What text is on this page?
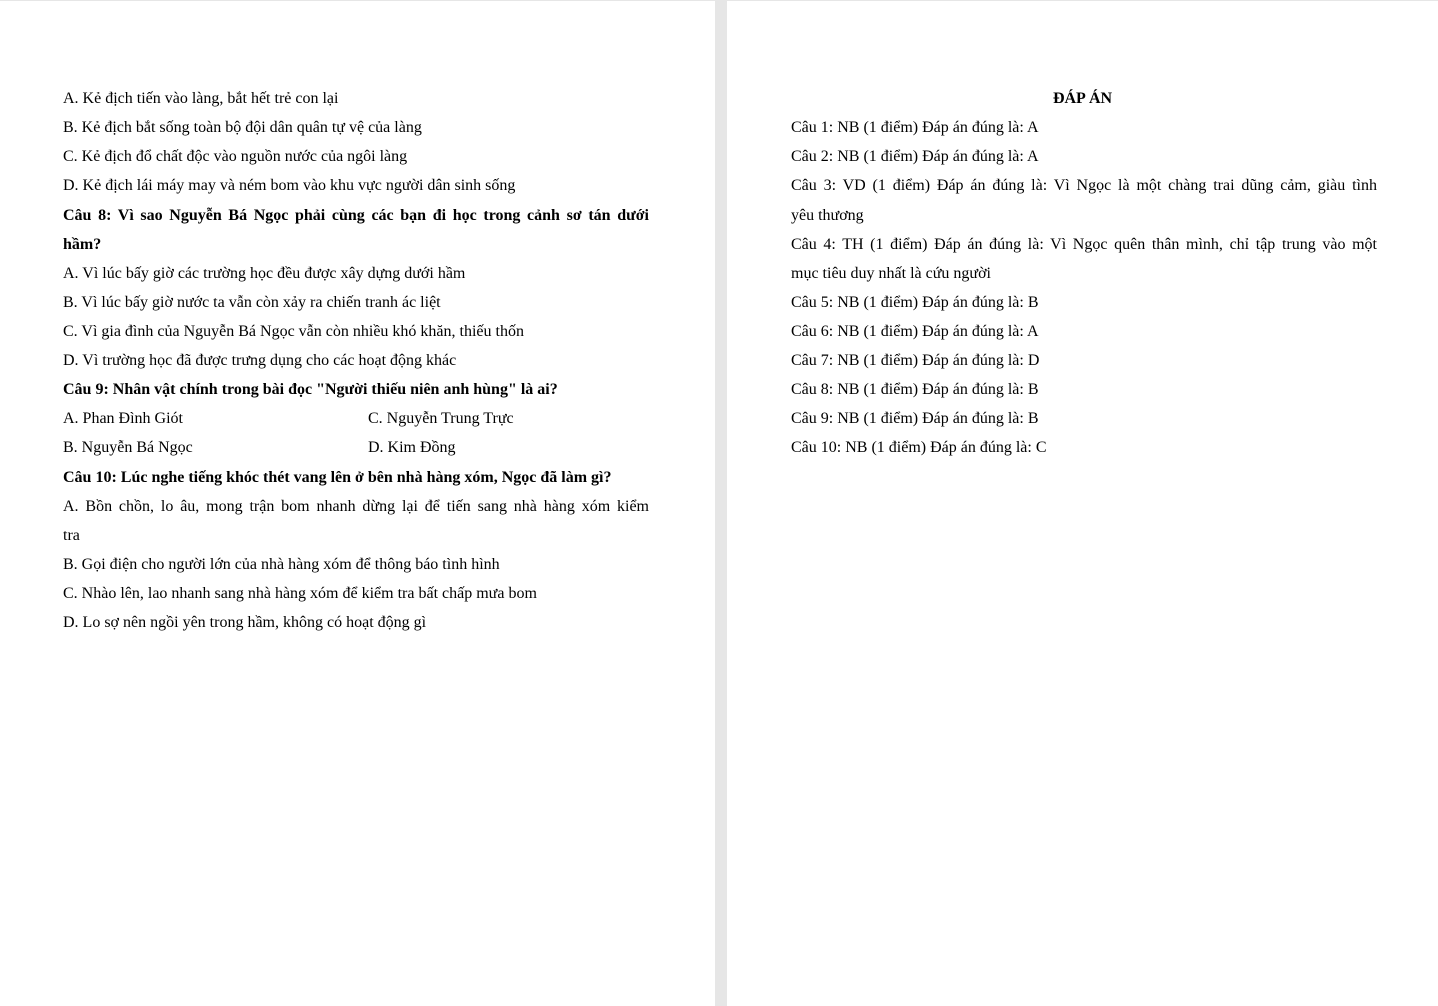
A. Kẻ địch tiến vào làng, bắt hết trẻ con lại
B. Kẻ địch bắt sống toàn bộ đội dân quân tự vệ của làng
C. Kẻ địch đổ chất độc vào nguồn nước của ngôi làng
D. Kẻ địch lái máy may và ném bom vào khu vực người dân sinh sống
Câu 8: Vì sao Nguyễn Bá Ngọc phải cùng các bạn đi học trong cảnh sơ tán dưới
hầm?
A. Vì lúc bấy giờ các trường học đều được xây dựng dưới hầm
B. Vì lúc bấy giờ nước ta vẫn còn xảy ra chiến tranh ác liệt
C. Vì gia đình của Nguyễn Bá Ngọc vẫn còn nhiều khó khăn, thiếu thốn
D. Vì trường học đã được trưng dụng cho các hoạt động khác
Câu 9: Nhân vật chính trong bài đọc "Người thiếu niên anh hùng" là ai?
A. Phan Đình Giót	C. Nguyễn Trung Trực
B. Nguyễn Bá Ngọc	D. Kim Đồng
Câu 10: Lúc nghe tiếng khóc thét vang lên ở bên nhà hàng xóm, Ngọc đã làm gì?
A. Bồn chồn, lo âu, mong trận bom nhanh dừng lại để tiến sang nhà hàng xóm kiểm
tra
B. Gọi điện cho người lớn của nhà hàng xóm để thông báo tình hình
C. Nhào lên, lao nhanh sang nhà hàng xóm để kiểm tra bất chấp mưa bom
D. Lo sợ nên ngồi yên trong hầm, không có hoạt động gì
ĐÁP ÁN
Câu 1: NB (1 điểm) Đáp án đúng là: A
Câu 2: NB (1 điểm) Đáp án đúng là: A
Câu 3: VD (1 điểm) Đáp án đúng là: Vì Ngọc là một chàng trai dũng cảm, giàu tình
yêu thương
Câu 4: TH (1 điểm) Đáp án đúng là: Vì Ngọc quên thân mình, chỉ tập trung vào một
mục tiêu duy nhất là cứu người
Câu 5: NB (1 điểm) Đáp án đúng là: B
Câu 6: NB (1 điểm) Đáp án đúng là: A
Câu 7: NB (1 điểm) Đáp án đúng là: D
Câu 8: NB (1 điểm) Đáp án đúng là: B
Câu 9: NB (1 điểm) Đáp án đúng là: B
Câu 10: NB (1 điểm) Đáp án đúng là: C
